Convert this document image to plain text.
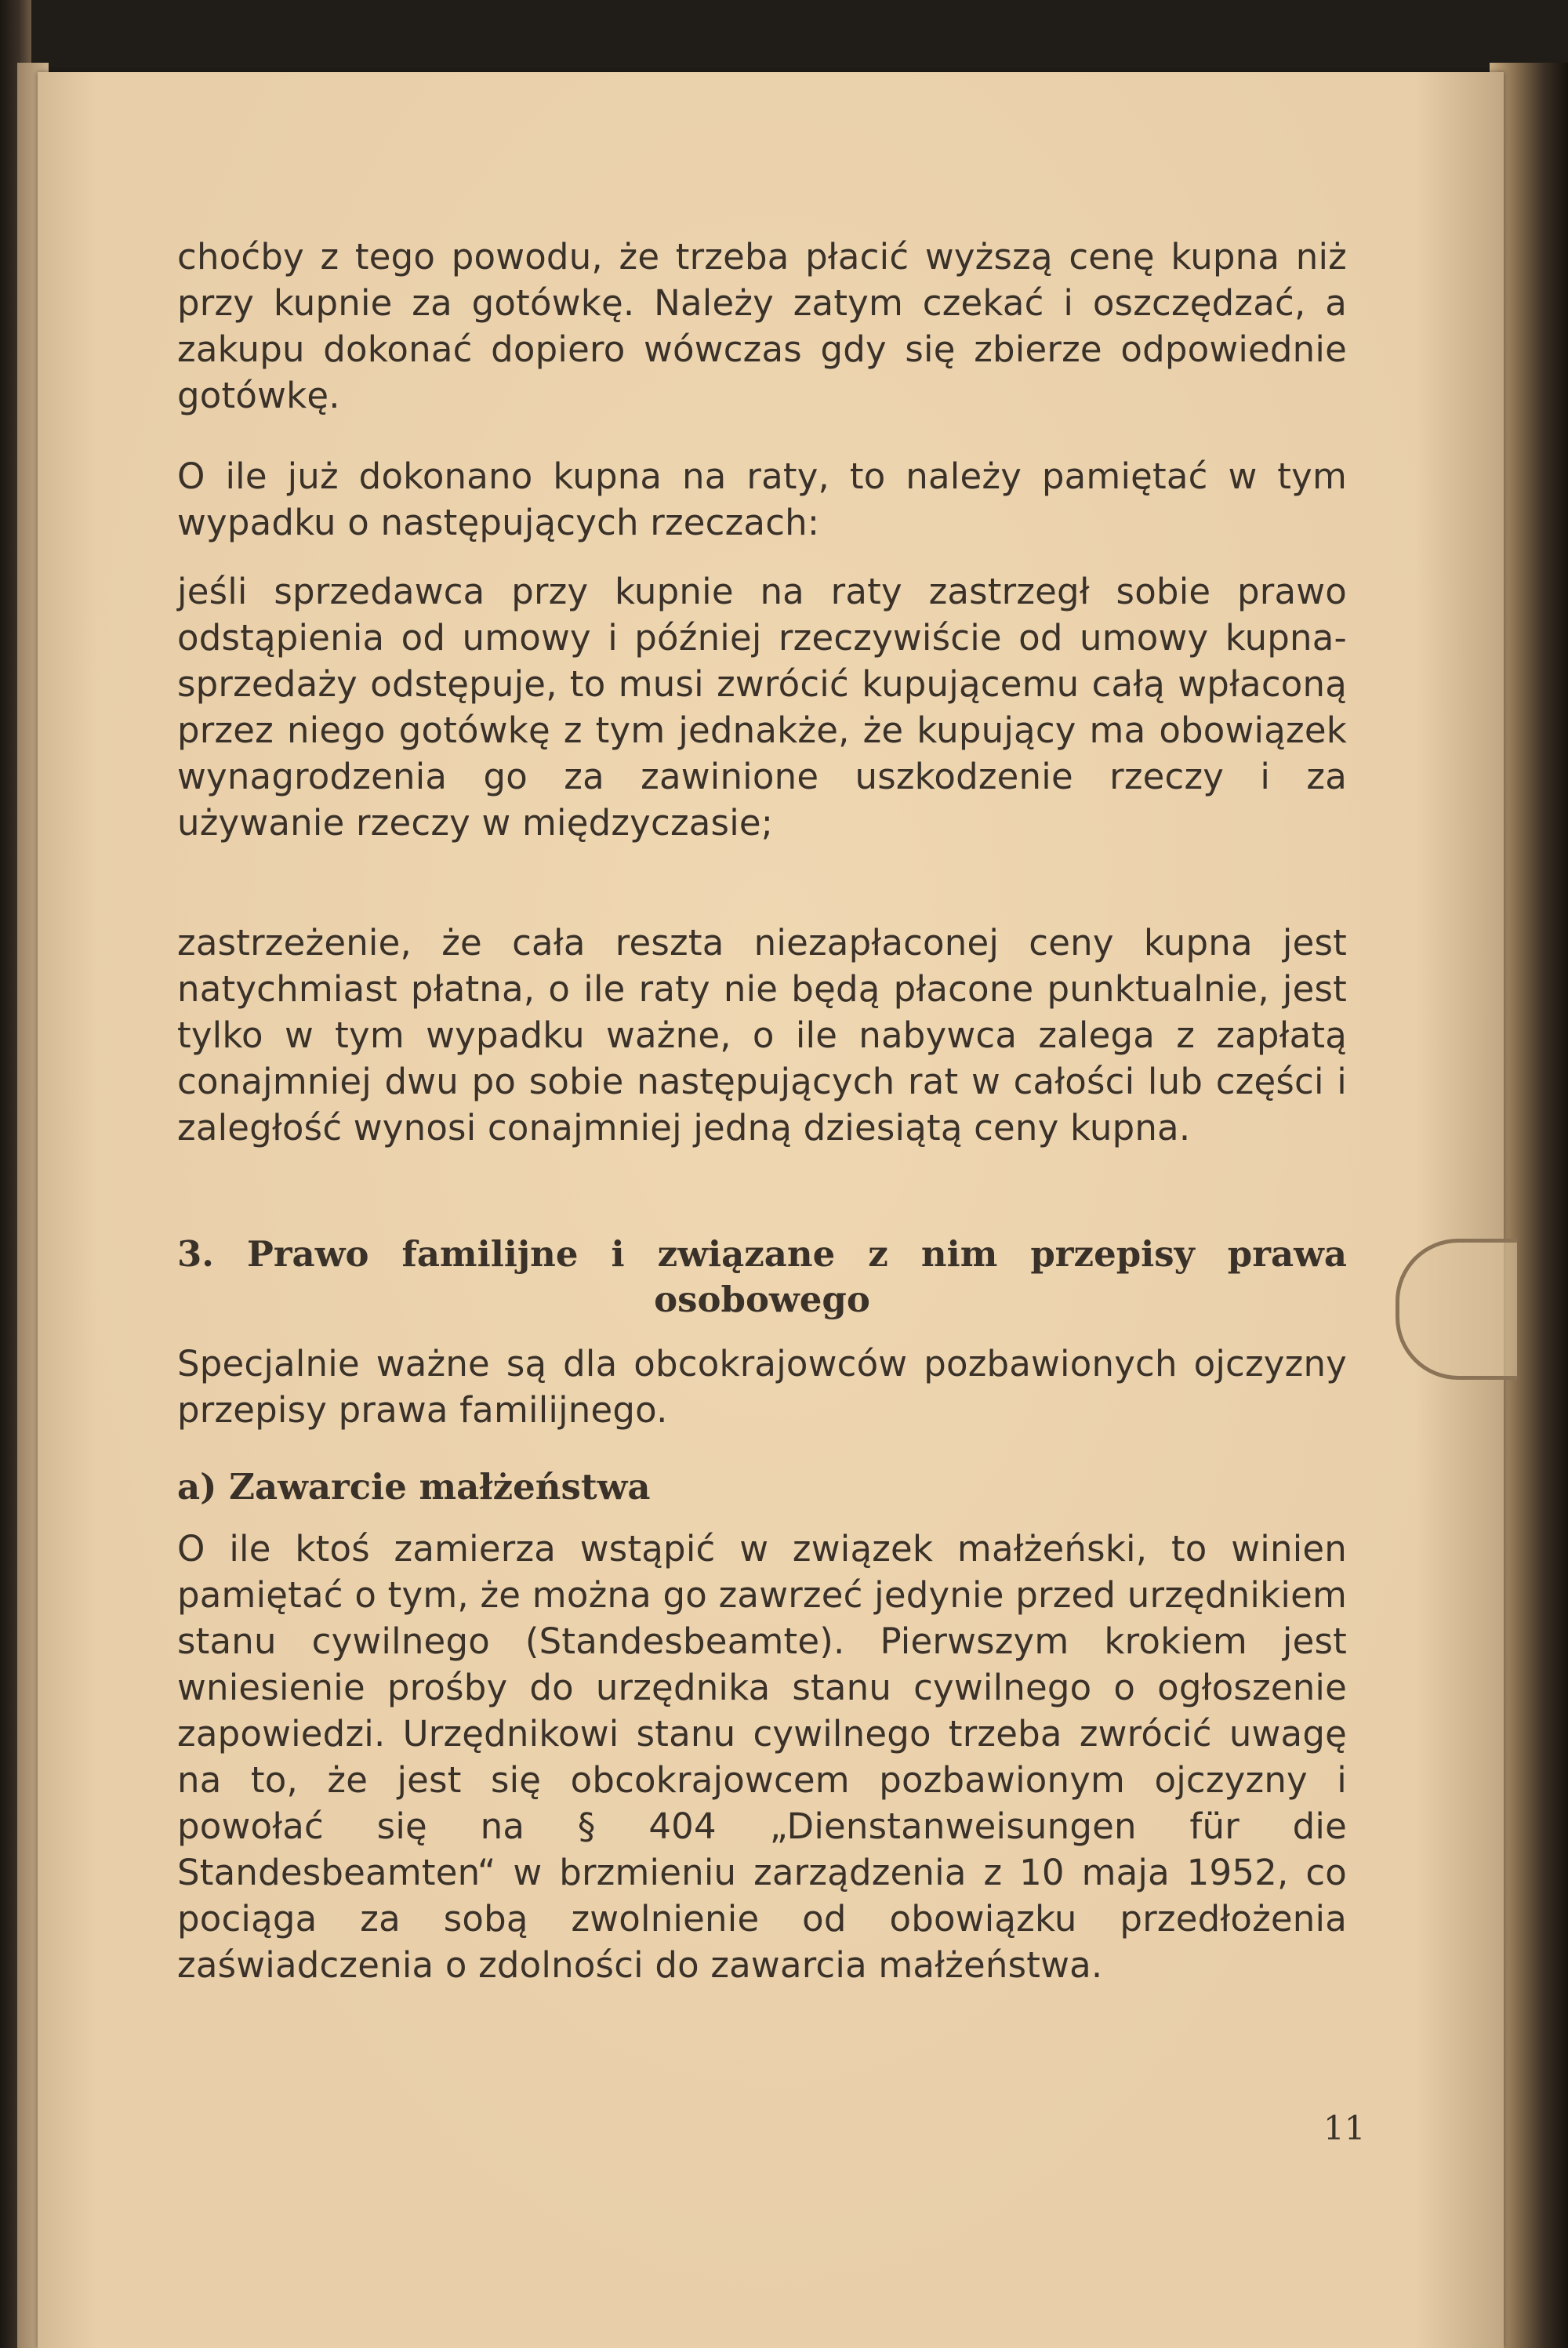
choćby z tego powodu, że trzeba płacić wyższą cenę kupna niż przy kupnie za gotówkę. Należy zatym czekać i oszczędzać, a zakupu dokonać dopiero wówczas gdy się zbierze odpowiednie gotówkę.

O ile już dokonano kupna na raty, to należy pamiętać w tym wypadku o następujących rzeczach:

jeśli sprzedawca przy kupnie na raty zastrzegł sobie prawo odstąpienia od umowy i później rzeczywiście od umowy kupna-sprzedaży odstępuje, to musi zwrócić kupującemu całą wpłaconą przez niego gotówkę z tym jednakże, że kupujący ma obowiązek wynagrodzenia go za zawinione uszkodzenie rzeczy i za używanie rzeczy w międzyczasie;

zastrzeżenie, że cała reszta niezapłaconej ceny kupna jest natychmiast płatna, o ile raty nie będą płacone punktualnie, jest tylko w tym wypadku ważne, o ile nabywca zalega z zapłatą conajmniej dwu po sobie następujących rat w całości lub części i zaległość wynosi conajmniej jedną dziesiątą ceny kupna.

3. Prawo familijne i związane z nim przepisy prawa
osobowego

Specjalnie ważne są dla obcokrajowców pozbawionych ojczyzny przepisy prawa familijnego.

a) Zawarcie małżeństwa

O ile ktoś zamierza wstąpić w związek małżeński, to winien pamiętać o tym, że można go zawrzeć jedynie przed urzędnikiem stanu cywilnego (Standesbeamte). Pierwszym krokiem jest wniesienie prośby do urzędnika stanu cywilnego o ogłoszenie zapowiedzi. Urzędnikowi stanu cywilnego trzeba zwrócić uwagę na to, że jest się obcokrajowcem pozbawionym ojczyzny i powołać się na § 404 „Dienstanweisungen für die Standesbeamten“ w brzmieniu zarządzenia z 10 maja 1952, co pociąga za sobą zwolnienie od obowiązku przedłożenia zaświadczenia o zdolności do zawarcia małżeństwa.

11
